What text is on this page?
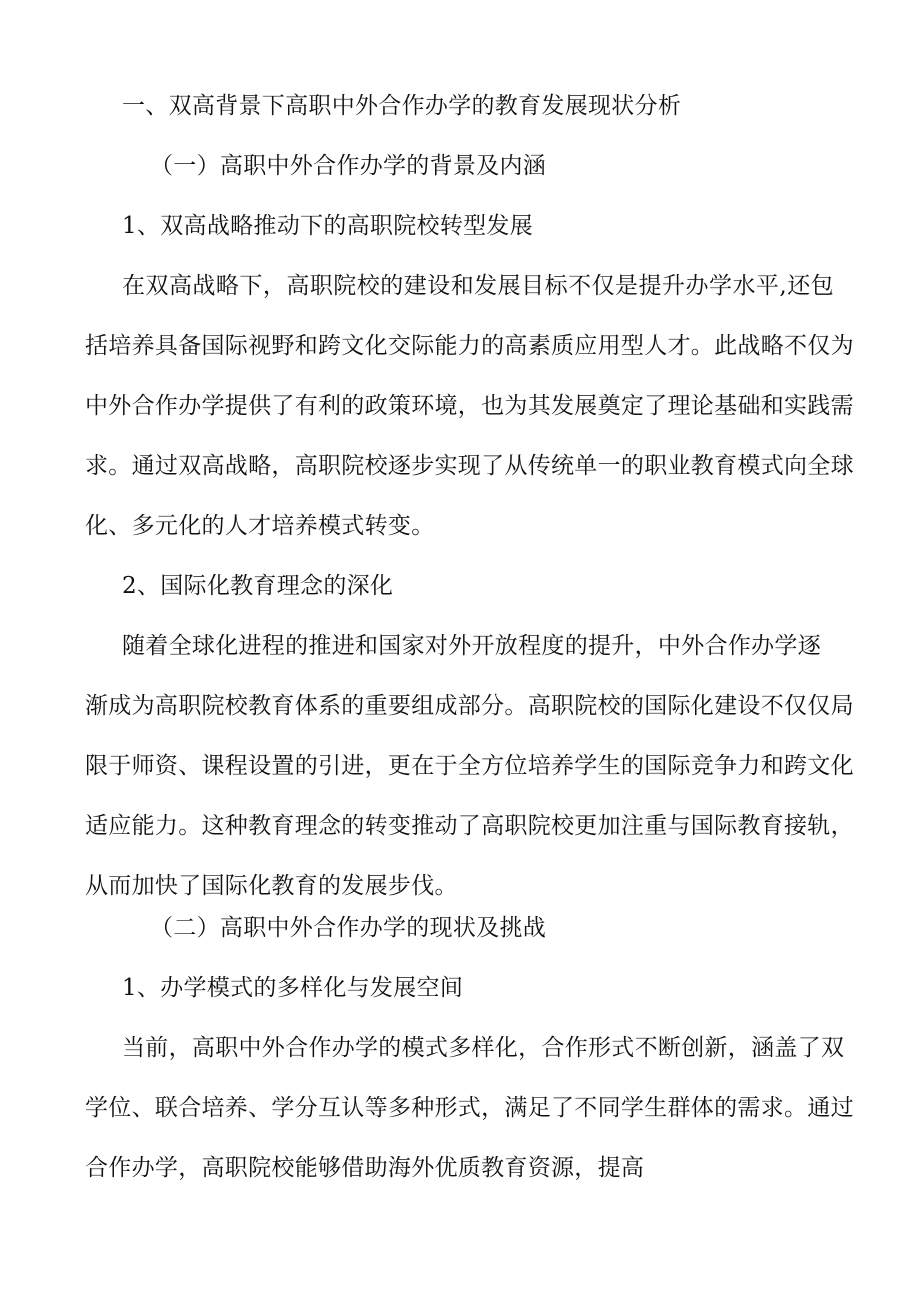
一、双高背景下高职中外合作办学的教育发展现状分析
（一）高职中外合作办学的背景及内涵
1、双高战略推动下的高职院校转型发展
在双高战略下，高职院校的建设和发展目标不仅是提升办学水平,还包
括培养具备国际视野和跨文化交际能力的高素质应用型人才。此战略不仅为
中外合作办学提供了有利的政策环境，也为其发展奠定了理论基础和实践需
求。通过双高战略，高职院校逐步实现了从传统单一的职业教育模式向全球
化、多元化的人才培养模式转变。
2、国际化教育理念的深化
随着全球化进程的推进和国家对外开放程度的提升，中外合作办学逐
渐成为高职院校教育体系的重要组成部分。高职院校的国际化建设不仅仅局
限于师资、课程设置的引进，更在于全方位培养学生的国际竞争力和跨文化
适应能力。这种教育理念的转变推动了高职院校更加注重与国际教育接轨，
从而加快了国际化教育的发展步伐。
（二）高职中外合作办学的现状及挑战
1、办学模式的多样化与发展空间
当前，高职中外合作办学的模式多样化，合作形式不断创新，涵盖了双
学位、联合培养、学分互认等多种形式，满足了不同学生群体的需求。通过
合作办学，高职院校能够借助海外优质教育资源，提高
